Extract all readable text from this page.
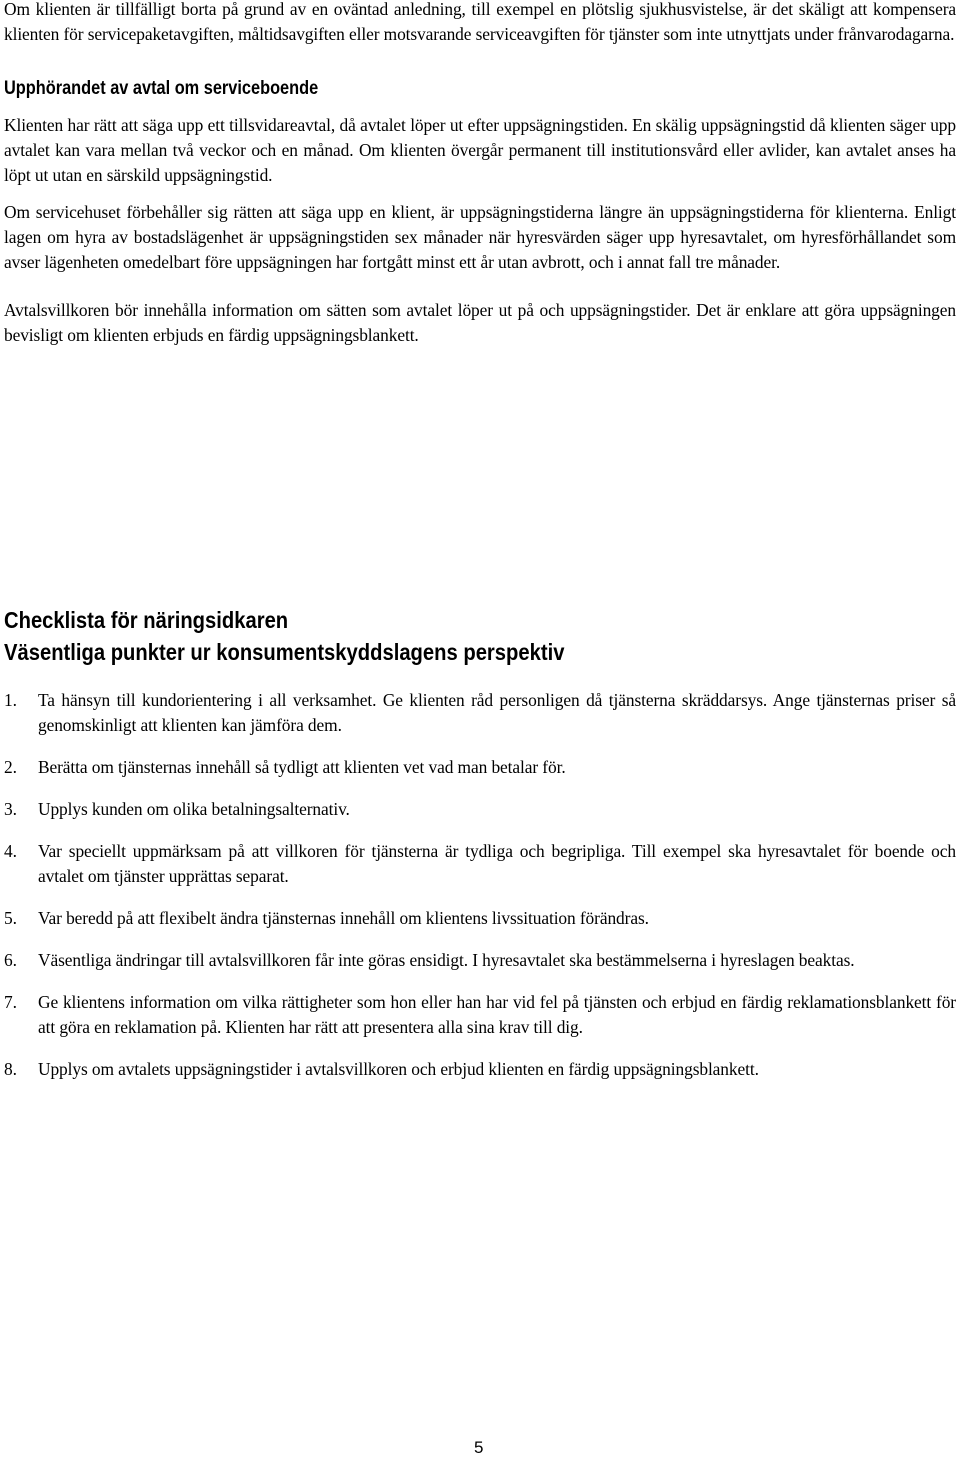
Om klienten är tillfälligt borta på grund av en oväntad anledning, till exempel en plötslig sjukhusvistelse, är det skäligt att kompensera klienten för servicepaketavgiften, måltidsavgiften eller motsvarande serviceavgiften för tjänster som inte utnyttjats under frånvarodagarna.

Upphörandet av avtal om serviceboende

Klienten har rätt att säga upp ett tillsvidareavtal, då avtalet löper ut efter uppsägningstiden. En skälig uppsägningstid då klienten säger upp avtalet kan vara mellan två veckor och en månad. Om klienten övergår permanent till institutionsvård eller avlider, kan avtalet anses ha löpt ut utan en särskild uppsägningstid.

Om servicehuset förbehåller sig rätten att säga upp en klient, är uppsägningstiderna längre än uppsägningstiderna för klienterna. Enligt lagen om hyra av bostadslägenhet är uppsägningstiden sex månader när hyresvärden säger upp hyresavtalet, om hyresförhållandet som avser lägenheten omedelbart före uppsägningen har fortgått minst ett år utan avbrott, och i annat fall tre månader.

Avtalsvillkoren bör innehålla information om sätten som avtalet löper ut på och uppsägningstider. Det är enklare att göra uppsägningen bevisligt om klienten erbjuds en färdig uppsägningsblankett.

Checklista för näringsidkaren
Väsentliga punkter ur konsumentskyddslagens perspektiv
1. Ta hänsyn till kundorientering i all verksamhet. Ge klienten råd personligen då tjänsterna skräddarsys. Ange tjänsternas priser så genomskinligt att klienten kan jämföra dem.
2. Berätta om tjänsternas innehåll så tydligt att klienten vet vad man betalar för.
3. Upplys kunden om olika betalningsalternativ.
4. Var speciellt uppmärksam på att villkoren för tjänsterna är tydliga och begripliga. Till exempel ska hyresavtalet för boende och avtalet om tjänster upprättas separat.
5. Var beredd på att flexibelt ändra tjänsternas innehåll om klientens livssituation förändras.
6. Väsentliga ändringar till avtalsvillkoren får inte göras ensidigt. I hyresavtalet ska bestämmelserna i hyreslagen beaktas.
7. Ge klientens information om vilka rättigheter som hon eller han har vid fel på tjänsten och erbjud en färdig reklamationsblankett för att göra en reklamation på. Klienten har rätt att presentera alla sina krav till dig.
8. Upplys om avtalets uppsägningstider i avtalsvillkoren och erbjud klienten en färdig uppsägningsblankett.
5
